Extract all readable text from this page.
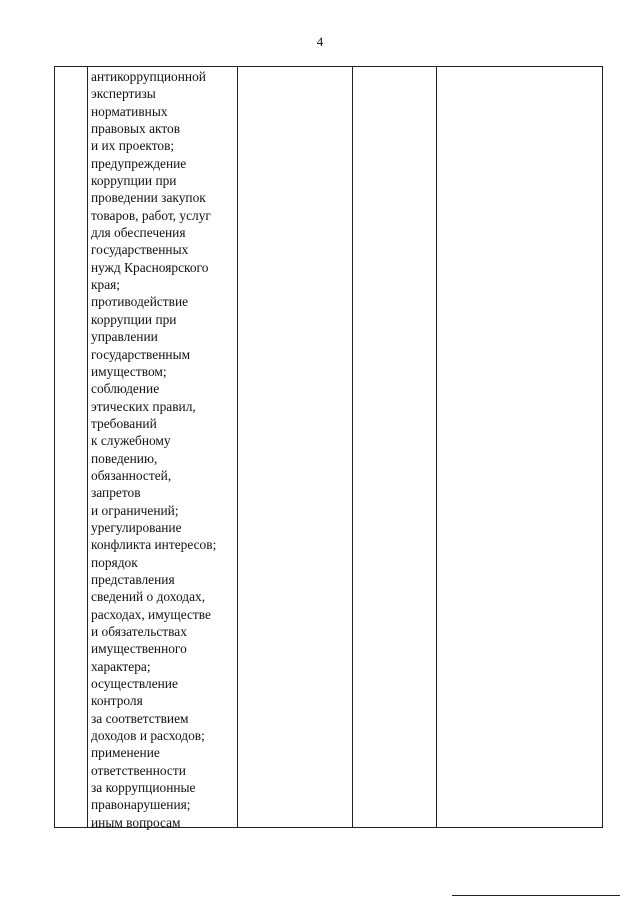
4
антикоррупционной
экспертизы
нормативных
правовых актов
и их проектов;
предупреждение
коррупции при
проведении закупок
товаров, работ, услуг
для обеспечения
государственных
нужд Красноярского
края;
противодействие
коррупции при
управлении
государственным
имуществом;
соблюдение
этических правил,
требований
к служебному
поведению,
обязанностей,
запретов
и ограничений;
урегулирование
конфликта интересов;
порядок
представления
сведений о доходах,
расходах, имуществе
и обязательствах
имущественного
характера;
осуществление
контроля
за соответствием
доходов и расходов;
применение
ответственности
за коррупционные
правонарушения;
иным вопросам
